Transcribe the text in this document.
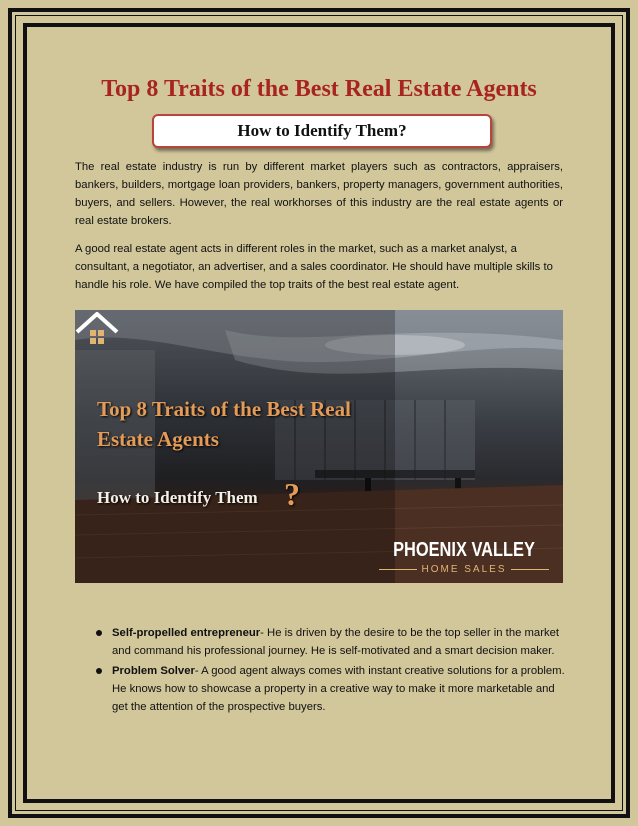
Top 8 Traits of the Best Real Estate Agents
How to Identify Them?

The real estate industry is run by different market players such as contractors, appraisers, bankers, builders, mortgage loan providers, bankers, property managers, government authorities, buyers, and sellers. However, the real workhorses of this industry are the real estate agents or real estate brokers.

A good real estate agent acts in different roles in the market, such as a market analyst, a consultant, a negotiator, an advertiser, and a sales coordinator. He should have multiple skills to handle his role. We have compiled the top traits of the best real estate agent.

Top 8 Traits of the Best Real
Estate Agents

How to Identify Them ?
PHOENIX VALLEY
HOME SALES
Self-propelled entrepreneur- He is driven by the desire to be the top seller in the market and command his professional journey. He is self-motivated and a smart decision maker.
Problem Solver- A good agent always comes with instant creative solutions for a problem. He knows how to showcase a property in a creative way to make it more marketable and get the attention of the prospective buyers.
